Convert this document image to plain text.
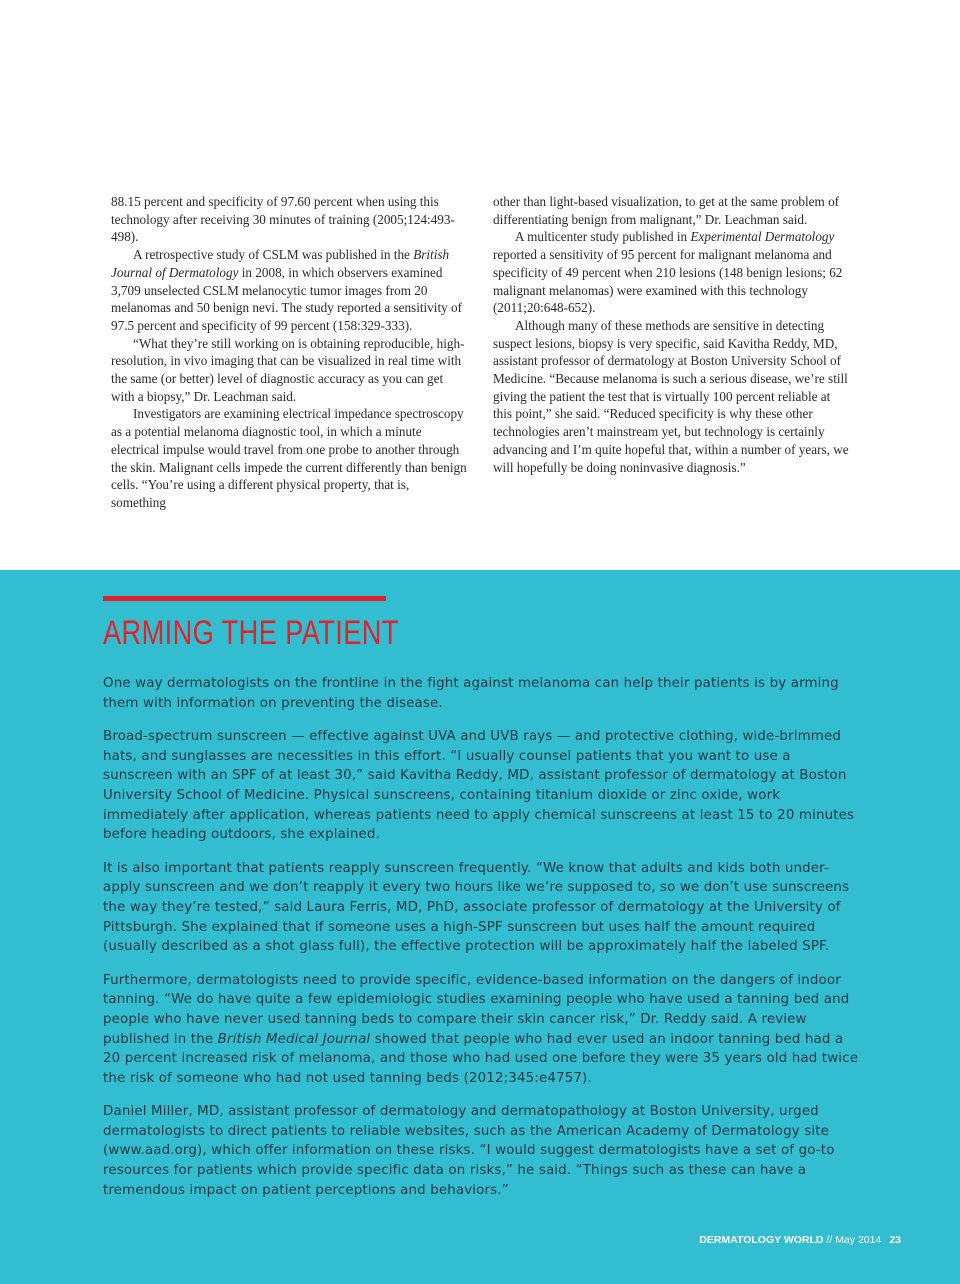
88.15 percent and specificity of 97.60 percent when using this technology after receiving 30 minutes of training (2005;124:493-498).

A retrospective study of CSLM was published in the British Journal of Dermatology in 2008, in which observers examined 3,709 unselected CSLM melanocytic tumor images from 20 melanomas and 50 benign nevi. The study reported a sensitivity of 97.5 percent and specificity of 99 percent (158:329-333).

“What they’re still working on is obtaining reproducible, high-resolution, in vivo imaging that can be visualized in real time with the same (or better) level of diagnostic accuracy as you can get with a biopsy,” Dr. Leachman said.

Investigators are examining electrical impedance spectroscopy as a potential melanoma diagnostic tool, in which a minute electrical impulse would travel from one probe to another through the skin. Malignant cells impede the current differently than benign cells. “You’re using a different physical property, that is, something

other than light-based visualization, to get at the same problem of differentiating benign from malignant,” Dr. Leachman said.

A multicenter study published in Experimental Dermatology reported a sensitivity of 95 percent for malignant melanoma and specificity of 49 percent when 210 lesions (148 benign lesions; 62 malignant melanomas) were examined with this technology (2011;20:648-652).

Although many of these methods are sensitive in detecting suspect lesions, biopsy is very specific, said Kavitha Reddy, MD, assistant professor of dermatology at Boston University School of Medicine. “Because melanoma is such a serious disease, we’re still giving the patient the test that is virtually 100 percent reliable at this point,” she said. “Reduced specificity is why these other technologies aren’t mainstream yet, but technology is certainly advancing and I’m quite hopeful that, within a number of years, we will hopefully be doing noninvasive diagnosis.”

ARMING THE PATIENT

One way dermatologists on the frontline in the fight against melanoma can help their patients is by arming them with information on preventing the disease.

Broad-spectrum sunscreen — effective against UVA and UVB rays — and protective clothing, wide-brimmed hats, and sunglasses are necessities in this effort. “I usually counsel patients that you want to use a sunscreen with an SPF of at least 30,” said Kavitha Reddy, MD, assistant professor of dermatology at Boston University School of Medicine. Physical sunscreens, containing titanium dioxide or zinc oxide, work immediately after application, whereas patients need to apply chemical sunscreens at least 15 to 20 minutes before heading outdoors, she explained.

It is also important that patients reapply sunscreen frequently. “We know that adults and kids both under-apply sunscreen and we don’t reapply it every two hours like we’re supposed to, so we don’t use sunscreens the way they’re tested,” said Laura Ferris, MD, PhD, associate professor of dermatology at the University of Pittsburgh. She explained that if someone uses a high-SPF sunscreen but uses half the amount required (usually described as a shot glass full), the effective protection will be approximately half the labeled SPF.

Furthermore, dermatologists need to provide specific, evidence-based information on the dangers of indoor tanning. “We do have quite a few epidemiologic studies examining people who have used a tanning bed and people who have never used tanning beds to compare their skin cancer risk,” Dr. Reddy said. A review published in the British Medical Journal showed that people who had ever used an indoor tanning bed had a 20 percent increased risk of melanoma, and those who had used one before they were 35 years old had twice the risk of someone who had not used tanning beds (2012;345:e4757).

Daniel Miller, MD, assistant professor of dermatology and dermatopathology at Boston University, urged dermatologists to direct patients to reliable websites, such as the American Academy of Dermatology site (www.aad.org), which offer information on these risks. “I would suggest dermatologists have a set of go-to resources for patients which provide specific data on risks,” he said. “Things such as these can have a tremendous impact on patient perceptions and behaviors.”

DERMATOLOGY WORLD // May 2014 23
